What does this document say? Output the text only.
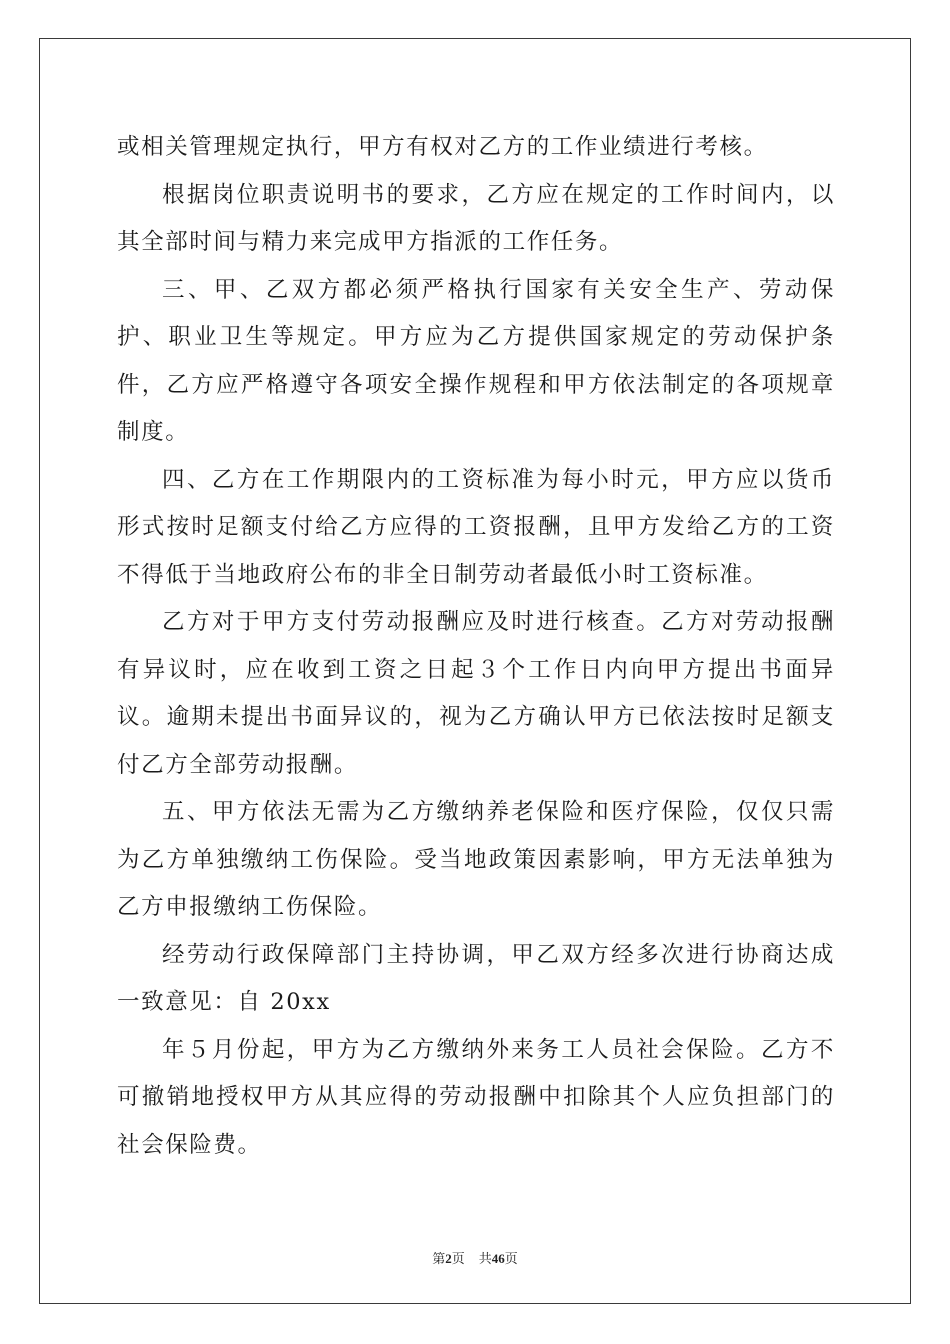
或相关管理规定执行，甲方有权对乙方的工作业绩进行考核。

根据岗位职责说明书的要求，乙方应在规定的工作时间内，以其全部时间与精力来完成甲方指派的工作任务。

三、甲、乙双方都必须严格执行国家有关安全生产、劳动保护、职业卫生等规定。甲方应为乙方提供国家规定的劳动保护条件，乙方应严格遵守各项安全操作规程和甲方依法制定的各项规章制度。

四、乙方在工作期限内的工资标准为每小时元，甲方应以货币形式按时足额支付给乙方应得的工资报酬，且甲方发给乙方的工资不得低于当地政府公布的非全日制劳动者最低小时工资标准。

乙方对于甲方支付劳动报酬应及时进行核查。乙方对劳动报酬有异议时，应在收到工资之日起３个工作日内向甲方提出书面异议。逾期未提出书面异议的，视为乙方确认甲方已依法按时足额支付乙方全部劳动报酬。

五、甲方依法无需为乙方缴纳养老保险和医疗保险，仅仅只需为乙方单独缴纳工伤保险。受当地政策因素影响，甲方无法单独为乙方申报缴纳工伤保险。

经劳动行政保障部门主持协调，甲乙双方经多次进行协商达成一致意见：自 20xx

年５月份起，甲方为乙方缴纳外来务工人员社会保险。乙方不可撤销地授权甲方从其应得的劳动报酬中扣除其个人应负担部门的社会保险费。

第2页 共46页
